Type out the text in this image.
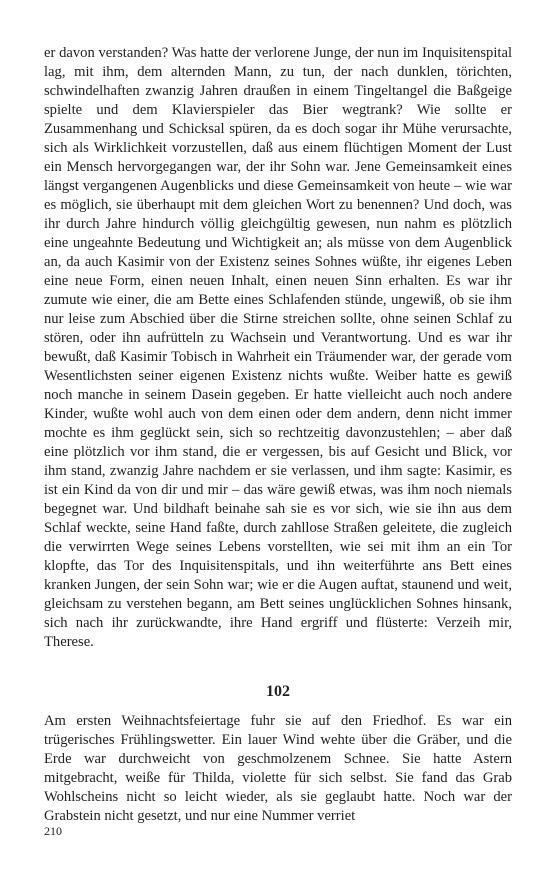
er davon verstanden? Was hatte der verlorene Junge, der nun im Inquisitenspital lag, mit ihm, dem alternden Mann, zu tun, der nach dunklen, törichten, schwindelhaften zwanzig Jahren draußen in einem Tingeltangel die Baßgeige spielte und dem Klavierspieler das Bier wegtrank? Wie sollte er Zusammenhang und Schicksal spüren, da es doch sogar ihr Mühe verursachte, sich als Wirklichkeit vorzustellen, daß aus einem flüchtigen Moment der Lust ein Mensch hervorgegangen war, der ihr Sohn war. Jene Gemeinsamkeit eines längst vergangenen Augenblicks und diese Gemeinsamkeit von heute – wie war es möglich, sie überhaupt mit dem gleichen Wort zu benennen? Und doch, was ihr durch Jahre hindurch völlig gleichgültig gewesen, nun nahm es plötzlich eine ungeahnte Bedeutung und Wichtigkeit an; als müsse von dem Augenblick an, da auch Kasimir von der Existenz seines Sohnes wüßte, ihr eigenes Leben eine neue Form, einen neuen Inhalt, einen neuen Sinn erhalten. Es war ihr zumute wie einer, die am Bette eines Schlafenden stünde, ungewiß, ob sie ihm nur leise zum Abschied über die Stirne streichen sollte, ohne seinen Schlaf zu stören, oder ihn aufrütteln zu Wachsein und Verantwortung. Und es war ihr bewußt, daß Kasimir Tobisch in Wahrheit ein Träumender war, der gerade vom Wesentlichsten seiner eigenen Existenz nichts wußte. Weiber hatte es gewiß noch manche in seinem Dasein gegeben. Er hatte vielleicht auch noch andere Kinder, wußte wohl auch von dem einen oder dem andern, denn nicht immer mochte es ihm geglückt sein, sich so rechtzeitig davonzustehlen; – aber daß eine plötzlich vor ihm stand, die er vergessen, bis auf Gesicht und Blick, vor ihm stand, zwanzig Jahre nachdem er sie verlassen, und ihm sagte: Kasimir, es ist ein Kind da von dir und mir – das wäre gewiß etwas, was ihm noch niemals begegnet war. Und bildhaft beinahe sah sie es vor sich, wie sie ihn aus dem Schlaf weckte, seine Hand faßte, durch zahllose Straßen geleitete, die zugleich die verwirrten Wege seines Lebens vorstellten, wie sei mit ihm an ein Tor klopfte, das Tor des Inquisitenspitals, und ihn weiterführte ans Bett eines kranken Jungen, der sein Sohn war; wie er die Augen auftat, staunend und weit, gleichsam zu verstehen begann, am Bett seines unglücklichen Sohnes hinsank, sich nach ihr zurückwandte, ihre Hand ergriff und flüsterte: Verzeih mir, Therese.

102

Am ersten Weihnachtsfeiertage fuhr sie auf den Friedhof. Es war ein trügerisches Frühlingswetter. Ein lauer Wind wehte über die Gräber, und die Erde war durchweicht von geschmolzenem Schnee. Sie hatte Astern mitgebracht, weiße für Thilda, violette für sich selbst. Sie fand das Grab Wohlscheins nicht so leicht wieder, als sie geglaubt hatte. Noch war der Grabstein nicht gesetzt, und nur eine Nummer verriet

210
